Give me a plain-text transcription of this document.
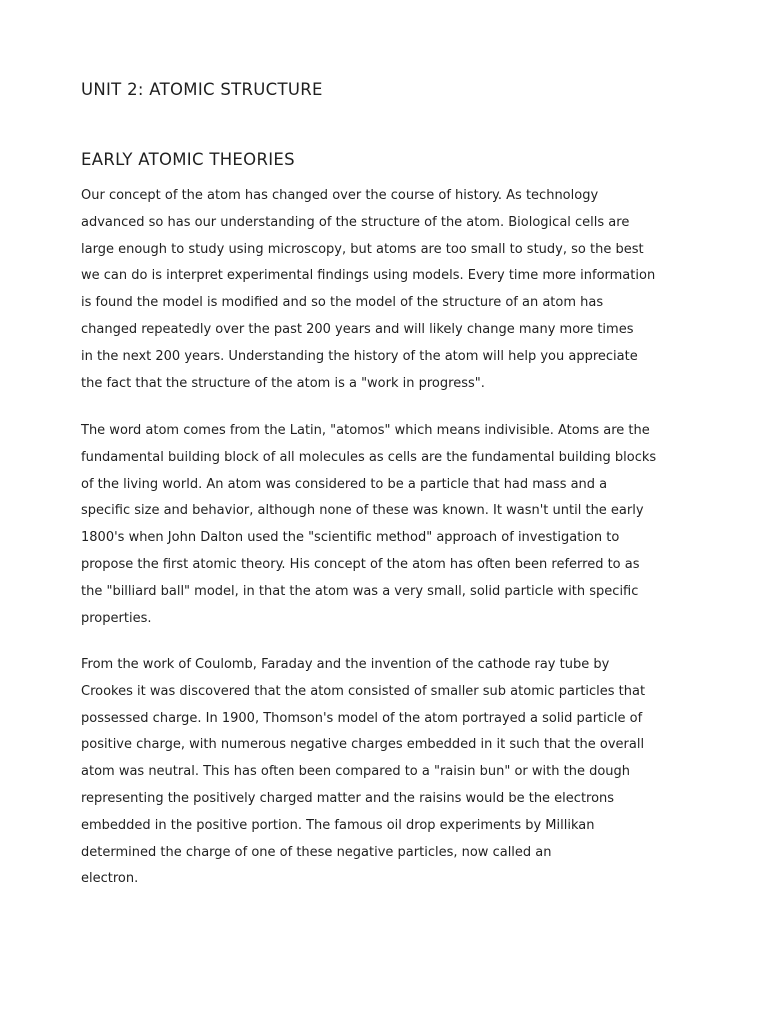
UNIT 2: ATOMIC STRUCTURE
EARLY ATOMIC THEORIES
Our concept of the atom has changed over the course of history. As technology
advanced so has our understanding of the structure of the atom. Biological cells are
large enough to study using microscopy, but atoms are too small to study, so the best
we can do is interpret experimental findings using models. Every time more information
is found the model is modified and so the model of the structure of an atom has
changed repeatedly over the past 200 years and will likely change many more times
in the next 200 years. Understanding the history of the atom will help you appreciate
the fact that the structure of the atom is a "work in progress".
The word atom comes from the Latin, "atomos" which means indivisible. Atoms are the
fundamental building block of all molecules as cells are the fundamental building blocks
of the living world. An atom was considered to be a particle that had mass and a
specific size and behavior, although none of these was known. It wasn't until the early
1800's when John Dalton used the "scientific method" approach of investigation to
propose the first atomic theory. His concept of the atom has often been referred to as
the "billiard ball" model, in that the atom was a very small, solid particle with specific
properties.
From the work of Coulomb, Faraday and the invention of the cathode ray tube by
Crookes it was discovered that the atom consisted of smaller sub atomic particles that
possessed charge. In 1900, Thomson's model of the atom portrayed a solid particle of
positive charge, with numerous negative charges embedded in it such that the overall
atom was neutral. This has often been compared to a "raisin bun" or with the dough
representing the positively charged matter and the raisins would be the electrons
embedded in the positive portion. The famous oil drop experiments by Millikan
determined the charge of one of these negative particles, now called an
electron.
